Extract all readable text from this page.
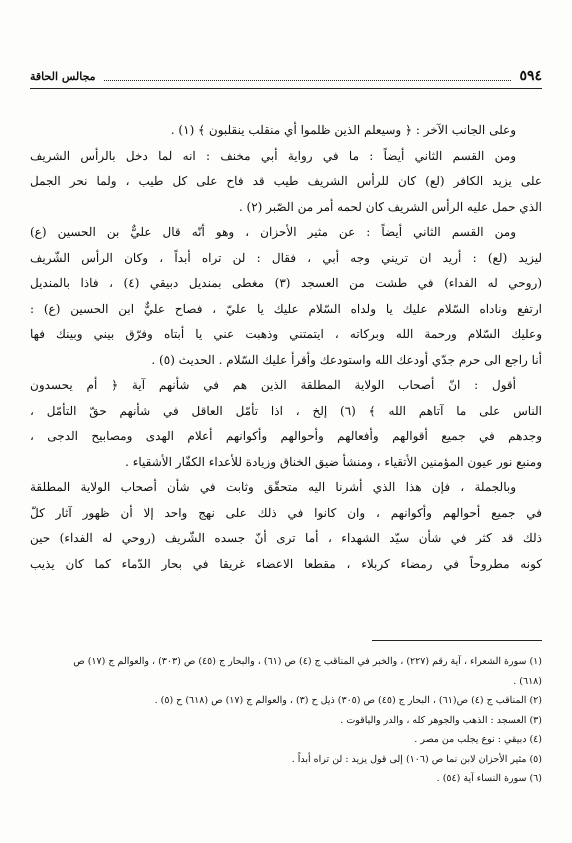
٥٩٤
مجالس الحاقة
وعلى الجانب الآخر : ﴿ وسيعلم الذين ظلموا أي منقلب ينقلبون ﴾ (١) .
ومن القسم الثاني أيضاً : ما في رواية أبي مخنف : انه لما دخل بالرأس الشريف
على يزيد الكافر (لع) كان للرأس الشريف طيب قد فاح على كل طيب ، ولما نحر الجمل
الذي حمل عليه الرأس الشريف كان لحمه أمر من الصّبر (٢) .
ومن القسم الثاني أيضاً : عن مثير الأحزان ، وهو أنّه قال عليٌّ بن الحسين (ع)
ليزيد (لع) : أريد ان تريني وجه أبي ، فقال : لن تراه أبداً ، وكان الرأس الشّريف
(روحي له الفداء) في طشت من العسجد (٣) مغطى بمنديل دبيقي (٤) ، فاذا بالمنديل
ارتفع وناداه السّلام عليك يا ولداه السّلام عليك يا عليّ ، فصاح عليٌّ ابن الحسين (ع) :
وعليك السّلام ورحمة الله وبركاته ، ايتمتني وذهبت عني يا أبتاه وفرّق بيني وبينك فها
أنا راجع الى حرم جدّي أودعك الله واستودعك وأقرأ عليك السّلام . الحديث (٥) .
أقول : انّ أصحاب الولاية المطلقة الذين هم في شأنهم آية ﴿ أم يحسدون
الناس على ما آتاهم الله ﴾ (٦) إلخ ، اذا تأمّل العاقل في شأنهم حقّ التأمّل ،
وجدهم في جميع أقوالهم وأفعالهم وأحوالهم وأكوانهم أعلام الهدى ومصابيح الدجى ،
ومنبع نور عيون المؤمنين الأتقياء ، ومنشأ ضيق الخناق وزيادة للأعداء الكفّار الأشقياء .
وبالجملة ، فإن هذا الذي أشرنا اليه متحقّق وثابت في شأن أصحاب الولاية المطلقة
في جميع أحوالهم وأكوانهم ، وان كانوا في ذلك على نهج واحد إلا أن ظهور آثار كلّ
ذلك قد كثر في شأن سيّد الشهداء ، أما ترى أنّ جسده الشّريف (روحي له الفداء) حين
كونه مطروحاً في رمضاء كربلاء ، مقطعا الاعضاء غريقا في بحار الدّماء كما كان يذيب
(١) سورة الشعراء ، آية رقم (٢٢٧) ، والخبر في المناقب ج (٤) ص (٦١) ، والبحار ج (٤٥) ص (٣٠٣) ، والعوالم ج (١٧) ص
(٦١٨) .
(٢) المناقب ج (٤) ص(٦١) ، البحار ج (٤٥) ص (٣٠٥) ذيل ح (٣) ، والعوالم ج (١٧) ص (٦١٨) ح (٥) .
(٣) العسجد : الذهب والجوهر كله ، والدر والياقوت .
(٤) دبيقي : نوع يجلب من مصر .
(٥) مثير الأحزان لابن نما ص (١٠٦) إلى قول يزيد : لن تراه أبداً .
(٦) سورة النساء آية (٥٤) .
